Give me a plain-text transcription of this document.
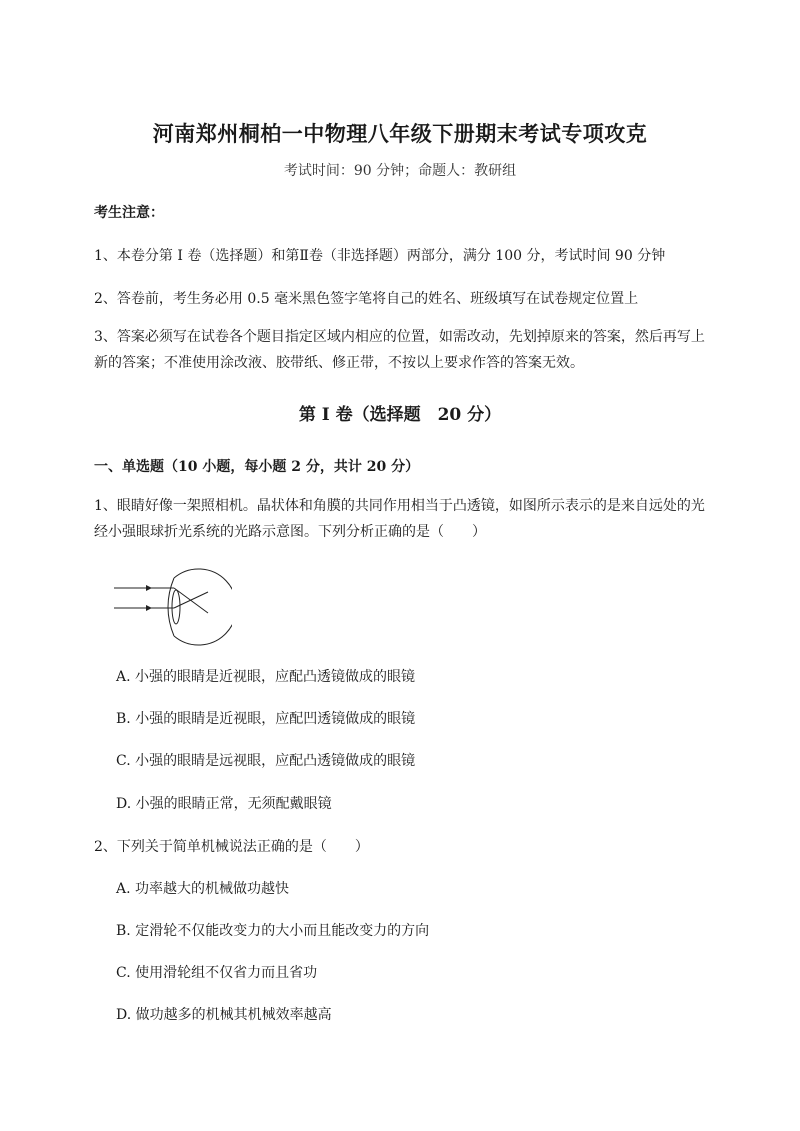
河南郑州桐柏一中物理八年级下册期末考试专项攻克
考试时间：90 分钟；命题人：教研组
考生注意：
1、本卷分第 I 卷（选择题）和第Ⅱ卷（非选择题）两部分，满分 100 分，考试时间 90 分钟
2、答卷前，考生务必用 0.5 毫米黑色签字笔将自己的姓名、班级填写在试卷规定位置上
3、答案必须写在试卷各个题目指定区域内相应的位置，如需改动，先划掉原来的答案，然后再写上新的答案；不准使用涂改液、胶带纸、修正带，不按以上要求作答的答案无效。
第 I 卷（选择题　20 分）
一、单选题（10 小题，每小题 2 分，共计 20 分）
1、眼睛好像一架照相机。晶状体和角膜的共同作用相当于凸透镜，如图所示表示的是来自远处的光经小强眼球折光系统的光路示意图。下列分析正确的是（　　）
A. 小强的眼睛是近视眼，应配凸透镜做成的眼镜
B. 小强的眼睛是近视眼，应配凹透镜做成的眼镜
C. 小强的眼睛是远视眼，应配凸透镜做成的眼镜
D. 小强的眼睛正常，无须配戴眼镜
2、下列关于简单机械说法正确的是（　　）
A. 功率越大的机械做功越快
B. 定滑轮不仅能改变力的大小而且能改变力的方向
C. 使用滑轮组不仅省力而且省功
D. 做功越多的机械其机械效率越高
